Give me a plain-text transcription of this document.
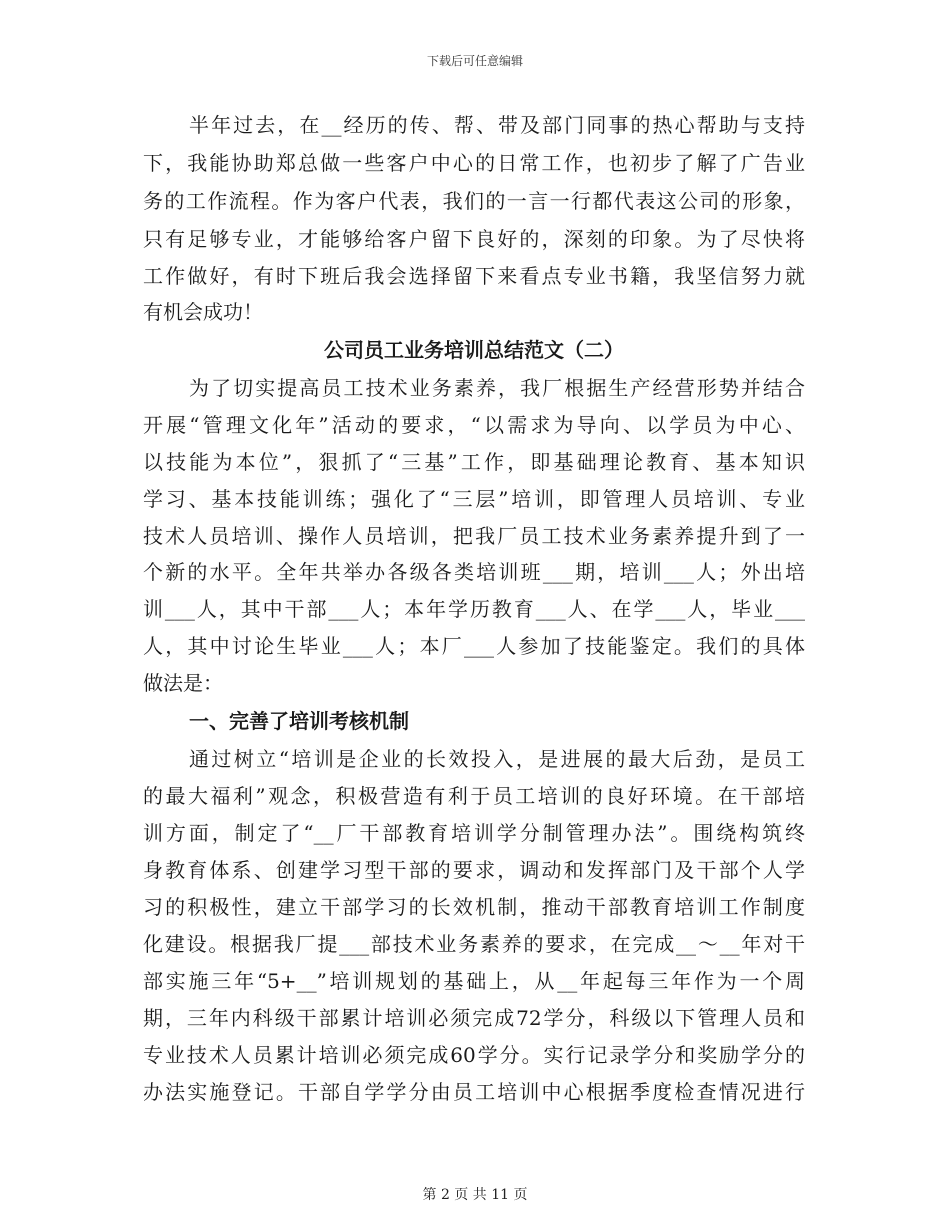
下载后可任意编辑
半年过去，在__经历的传、帮、带及部门同事的热心帮助与支持
下，我能协助郑总做一些客户中心的日常工作，也初步了解了广告业
务的工作流程。作为客户代表，我们的一言一行都代表这公司的形象，
只有足够专业，才能够给客户留下良好的，深刻的印象。为了尽快将
工作做好，有时下班后我会选择留下来看点专业书籍，我坚信努力就
有机会成功！
公司员工业务培训总结范文（二）
为了切实提高员工技术业务素养，我厂根据生产经营形势并结合
开展“管理文化年”活动的要求，“以需求为导向、以学员为中心、
以技能为本位”，狠抓了“三基”工作，即基础理论教育、基本知识
学习、基本技能训练；强化了“三层”培训，即管理人员培训、专业
技术人员培训、操作人员培训，把我厂员工技术业务素养提升到了一
个新的水平。全年共举办各级各类培训班___期，培训___人；外出培
训___人，其中干部___人；本年学历教育___人、在学___人，毕业___
人，其中讨论生毕业___人；本厂___人参加了技能鉴定。我们的具体
做法是：
一、完善了培训考核机制
通过树立“培训是企业的长效投入，是进展的最大后劲，是员工
的最大福利”观念，积极营造有利于员工培训的良好环境。在干部培
训方面，制定了“__厂干部教育培训学分制管理办法”。围绕构筑终
身教育体系、创建学习型干部的要求，调动和发挥部门及干部个人学
习的积极性，建立干部学习的长效机制，推动干部教育培训工作制度
化建设。根据我厂提___部技术业务素养的要求，在完成__～__年对干
部实施三年“5+__”培训规划的基础上，从__年起每三年作为一个周
期，三年内科级干部累计培训必须完成72学分，科级以下管理人员和
专业技术人员累计培训必须完成60学分。实行记录学分和奖励学分的
办法实施登记。干部自学学分由员工培训中心根据季度检查情况进行
第 2 页 共 11 页
